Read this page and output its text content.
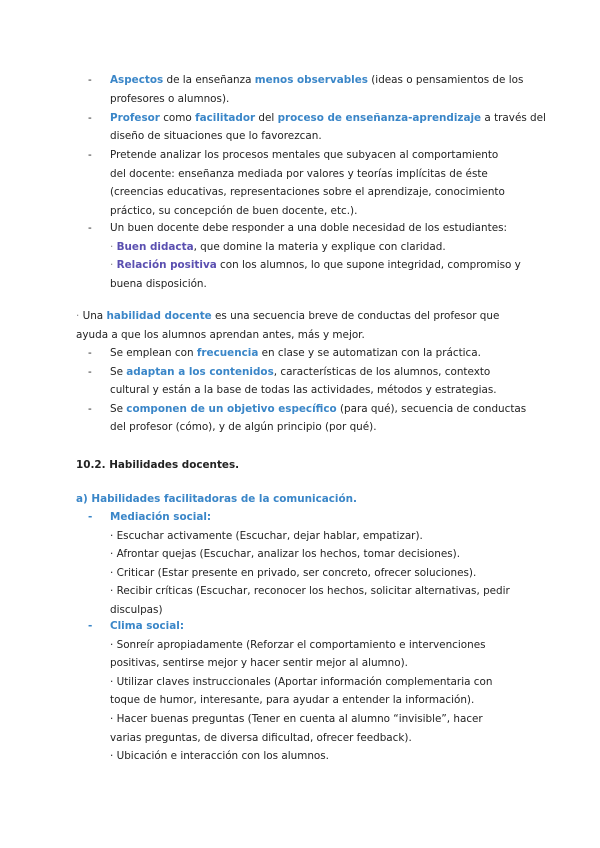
- Aspectos de la enseñanza menos observables (ideas o pensamientos de los
profesores o alumnos).
- Profesor como facilitador del proceso de enseñanza-aprendizaje a través del
diseño de situaciones que lo favorezcan.
- Pretende analizar los procesos mentales que subyacen al comportamiento
del docente: enseñanza mediada por valores y teorías implícitas de éste
(creencias educativas, representaciones sobre el aprendizaje, conocimiento
práctico, su concepción de buen docente, etc.).
- Un buen docente debe responder a una doble necesidad de los estudiantes:
· Buen didacta, que domine la materia y explique con claridad.
· Relación positiva con los alumnos, lo que supone integridad, compromiso y
buena disposición.
· Una habilidad docente es una secuencia breve de conductas del profesor que
ayuda a que los alumnos aprendan antes, más y mejor.
- Se emplean con frecuencia en clase y se automatizan con la práctica.
- Se adaptan a los contenidos, características de los alumnos, contexto
cultural y están a la base de todas las actividades, métodos y estrategias.
- Se componen de un objetivo específico (para qué), secuencia de conductas
del profesor (cómo), y de algún principio (por qué).
10.2. Habilidades docentes.
a) Habilidades facilitadoras de la comunicación.
- Mediación social:
· Escuchar activamente (Escuchar, dejar hablar, empatizar).
· Afrontar quejas (Escuchar, analizar los hechos, tomar decisiones).
· Criticar (Estar presente en privado, ser concreto, ofrecer soluciones).
· Recibir críticas (Escuchar, reconocer los hechos, solicitar alternativas, pedir
disculpas)
- Clima social:
· Sonreír apropiadamente (Reforzar el comportamiento e intervenciones
positivas, sentirse mejor y hacer sentir mejor al alumno).
· Utilizar claves instruccionales (Aportar información complementaria con
toque de humor, interesante, para ayudar a entender la información).
· Hacer buenas preguntas (Tener en cuenta al alumno “invisible”, hacer
varias preguntas, de diversa dificultad, ofrecer feedback).
· Ubicación e interacción con los alumnos.
